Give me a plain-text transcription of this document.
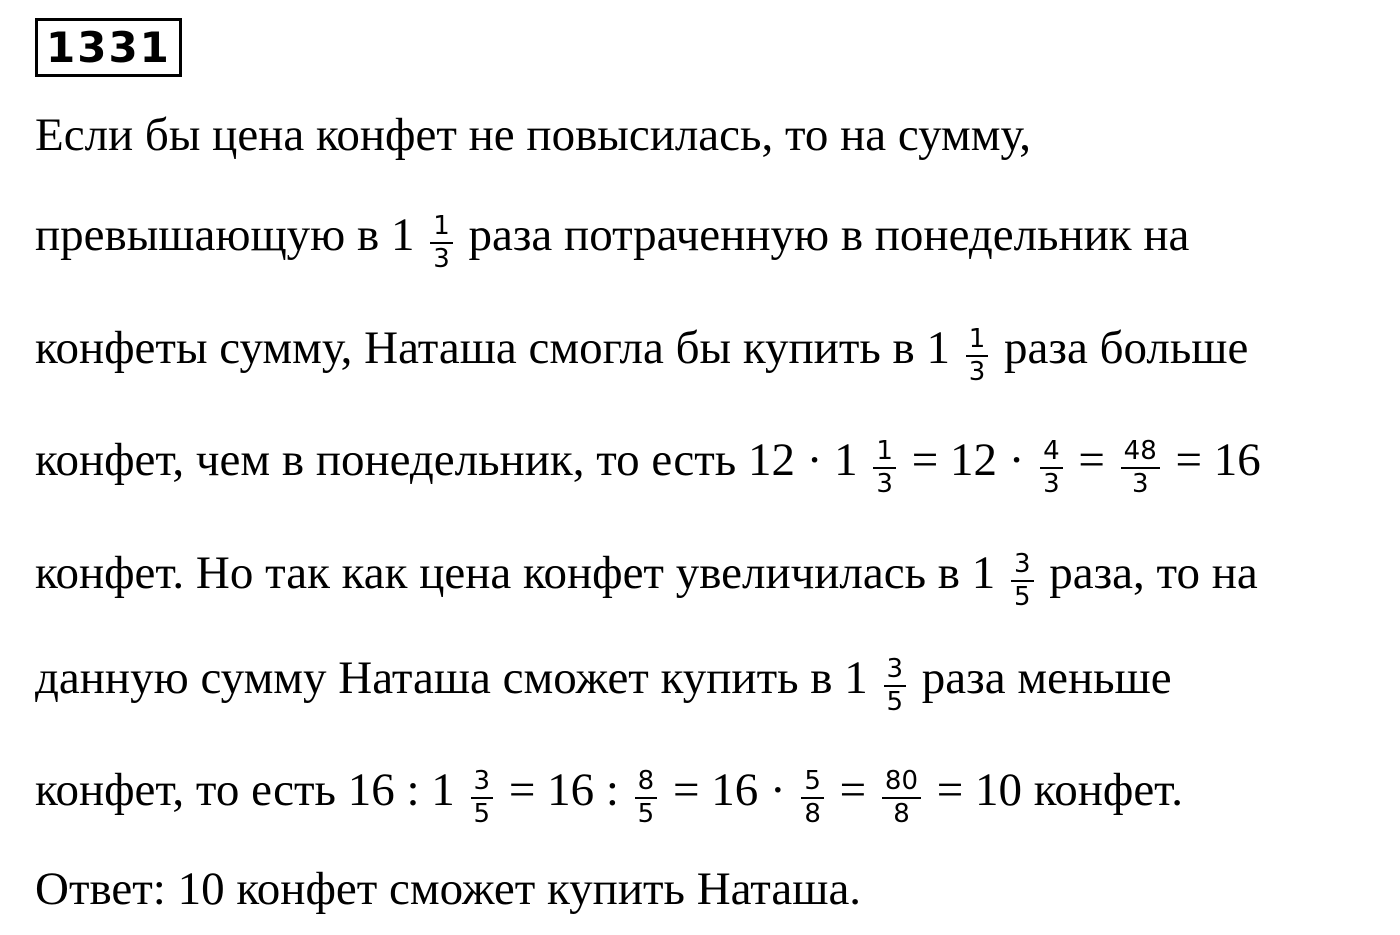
1331
Если бы цена конфет не повысилась, то на сумму,
превышающую в $1 \frac{1}{3}$ раза потраченную в понедельник на
конфеты сумму, Наташа смогла бы купить в $1 \frac{1}{3}$ раза больше
конфет, чем в понедельник, то есть $12 \cdot 1 \frac{1}{3} = 12 \cdot \frac{4}{3} = \frac{48}{3} = 16$
конфет. Но так как цена конфет увеличилась в $1 \frac{3}{5}$ раза, то на
данную сумму Наташа сможет купить в $1 \frac{3}{5}$ раза меньше
конфет, то есть 16 : $1 \frac{3}{5} = 16$ : $\frac{8}{5} = 16 \cdot \frac{5}{8} = \frac{80}{8} = 10$ конфет.
Ответ: 10 конфет сможет купить Наташа.
